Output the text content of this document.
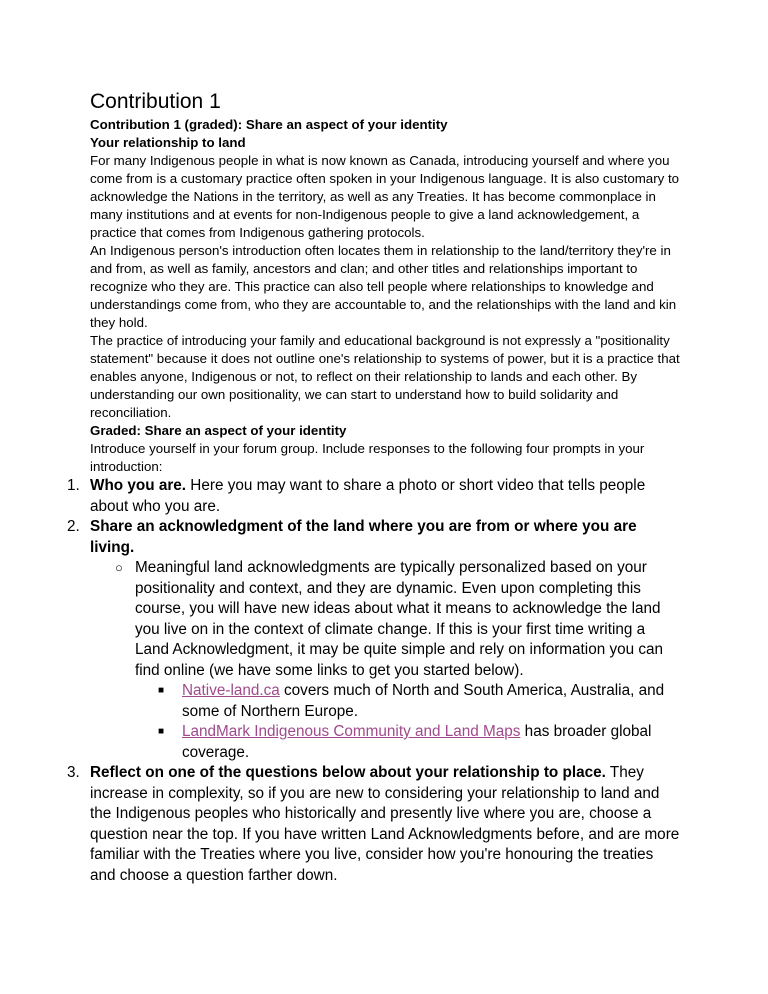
Contribution 1
Contribution 1 (graded): Share an aspect of your identity
Your relationship to land
For many Indigenous people in what is now known as Canada, introducing yourself and where you come from is a customary practice often spoken in your Indigenous language. It is also customary to acknowledge the Nations in the territory, as well as any Treaties. It has become commonplace in many institutions and at events for non-Indigenous people to give a land acknowledgement, a practice that comes from Indigenous gathering protocols.
An Indigenous person's introduction often locates them in relationship to the land/territory they're in and from, as well as family, ancestors and clan; and other titles and relationships important to recognize who they are. This practice can also tell people where relationships to knowledge and understandings come from, who they are accountable to, and the relationships with the land and kin they hold.
The practice of introducing your family and educational background is not expressly a "positionality statement" because it does not outline one's relationship to systems of power, but it is a practice that enables anyone, Indigenous or not, to reflect on their relationship to lands and each other. By understanding our own positionality, we can start to understand how to build solidarity and reconciliation.
Graded: Share an aspect of your identity
Introduce yourself in your forum group. Include responses to the following four prompts in your introduction:
1. Who you are. Here you may want to share a photo or short video that tells people about who you are.
2. Share an acknowledgment of the land where you are from or where you are living.
○ Meaningful land acknowledgments are typically personalized based on your positionality and context, and they are dynamic. Even upon completing this course, you will have new ideas about what it means to acknowledge the land you live on in the context of climate change. If this is your first time writing a Land Acknowledgment, it may be quite simple and rely on information you can find online (we have some links to get you started below).
■ Native-land.ca covers much of North and South America, Australia, and some of Northern Europe.
■ LandMark Indigenous Community and Land Maps has broader global coverage.
3. Reflect on one of the questions below about your relationship to place. They increase in complexity, so if you are new to considering your relationship to land and the Indigenous peoples who historically and presently live where you are, choose a question near the top. If you have written Land Acknowledgments before, and are more familiar with the Treaties where you live, consider how you're honouring the treaties and choose a question farther down.
